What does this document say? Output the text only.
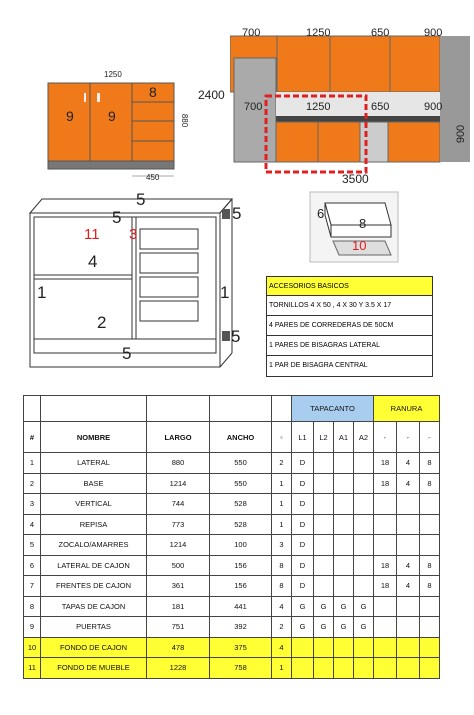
1250
880
450
9 9
8
700	1250	650	900
2400
700	1250	650	900
900
3500
5
5
5
11 3
4
1	1
2
5
5
6
8
10
ACCESORIOS BASICOS
TORNILLOS 4 X 50 , 4 X 30 Y 3.5 X 17
4 PARES DE CORREDERAS DE 50CM
1 PARES DE BISAGRAS LATERAL
1 PAR DE BISAGRA CENTRAL
					TAPACANTO				RANURA		
#	NOMBRE	LARGO	ANCHO	≡	L1	L2	A1	A2	⌐	⌐	⌐
1	LATERAL	880	550	2	D				18	4	8
2	BASE	1214	550	1	D				18	4	8
3	VERTICAL	744	528	1	D						
4	REPISA	773	528	1	D						
5	ZOCALO/AMARRES	1214	100	3	D						
6	LATERAL DE CAJON	500	156	8	D				18	4	8
7	FRENTES DE CAJON	361	156	8	D				18	4	8
8	TAPAS DE CAJON	181	441	4	G	G	G	G			
9	PUERTAS	751	392	2	G	G	G	G			
10	FONDO DE CAJON	478	375	4							
11	FONDO DE MUEBLE	1228	758	1							
